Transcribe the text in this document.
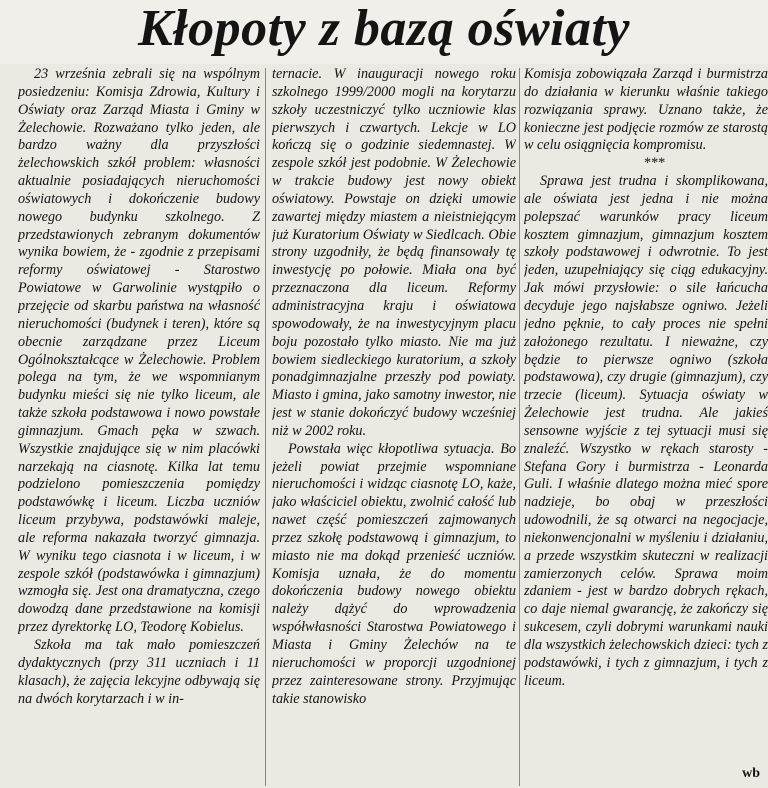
Kłopoty z bazą oświaty

23 września zebrali się na wspólnym posiedzeniu: Komisja Zdrowia, Kultury i Oświaty oraz Zarząd Miasta i Gminy w Żelechowie. Rozważano tylko jeden, ale bardzo ważny dla przyszłości żelechowskich szkół problem: własności aktualnie posiadających nieruchomości oświatowych i dokończenie budowy nowego budynku szkolnego. Z przedstawionych zebranym dokumentów wynika bowiem, że - zgodnie z przepisami reformy oświatowej - Starostwo Powiatowe w Garwolinie wystąpiło o przejęcie od skarbu państwa na własność nieruchomości (budynek i teren), które są obecnie zarządzane przez Liceum Ogólnokształcące w Żelechowie. Problem polega na tym, że we wspomnianym budynku mieści się nie tylko liceum, ale także szkoła podstawowa i nowo powstałe gimnazjum. Gmach pęka w szwach. Wszystkie znajdujące się w nim placówki narzekają na ciasnotę. Kilka lat temu podzielono pomieszczenia pomiędzy podstawówkę i liceum. Liczba uczniów liceum przybywa, podstawówki maleje, ale reforma nakazała tworzyć gimnazja. W wyniku tego ciasnota i w liceum, i w zespole szkół (podstawówka i gimnazjum) wzmogła się. Jest ona dramatyczna, czego dowodzą dane przedstawione na komisji przez dyrektorkę LO, Teodorę Kobielus.

Szkoła ma tak mało pomieszczeń dydaktycznych (przy 311 uczniach i 11 klasach), że zajęcia lekcyjne odbywają się na dwóch korytarzach i w in-

ternacie. W inauguracji nowego roku szkolnego 1999/2000 mogli na korytarzu szkoły uczestniczyć tylko uczniowie klas pierwszych i czwartych. Lekcje w LO kończą się o godzinie siedemnastej. W zespole szkół jest podobnie. W Żelechowie w trakcie budowy jest nowy obiekt oświatowy. Powstaje on dzięki umowie zawartej między miastem a nieistniejącym już Kuratorium Oświaty w Siedlcach. Obie strony uzgodniły, że będą finansowały tę inwestycję po połowie. Miała ona być przeznaczona dla liceum. Reformy administracyjna kraju i oświatowa spowodowały, że na inwestycyjnym placu boju pozostało tylko miasto. Nie ma już bowiem siedleckiego kuratorium, a szkoły ponadgimnazjalne przeszły pod powiaty. Miasto i gmina, jako samotny inwestor, nie jest w stanie dokończyć budowy wcześniej niż w 2002 roku.

Powstała więc kłopotliwa sytuacja. Bo jeżeli powiat przejmie wspomniane nieruchomości i widząc ciasnotę LO, każe, jako właściciel obiektu, zwolnić całość lub nawet część pomieszczeń zajmowanych przez szkołę podstawową i gimnazjum, to miasto nie ma dokąd przenieść uczniów. Komisja uznała, że do momentu dokończenia budowy nowego obiektu należy dążyć do wprowadzenia współwłasności Starostwa Powiatowego i Miasta i Gminy Żelechów na te nieruchomości w proporcji uzgodnionej przez zainteresowane strony. Przyjmując takie stanowisko

Komisja zobowiązała Zarząd i burmistrza do działania w kierunku właśnie takiego rozwiązania sprawy. Uznano także, że konieczne jest podjęcie rozmów ze starostą w celu osiągnięcia kompromisu.

***

Sprawa jest trudna i skomplikowana, ale oświata jest jedna i nie można polepszać warunków pracy liceum kosztem gimnazjum, gimnazjum kosztem szkoły podstawowej i odwrotnie. To jest jeden, uzupełniający się ciąg edukacyjny. Jak mówi przysłowie: o sile łańcucha decyduje jego najsłabsze ogniwo. Jeżeli jedno pęknie, to cały proces nie spełni założonego rezultatu. I nieważne, czy będzie to pierwsze ogniwo (szkoła podstawowa), czy drugie (gimnazjum), czy trzecie (liceum). Sytuacja oświaty w Żelechowie jest trudna. Ale jakieś sensowne wyjście z tej sytuacji musi się znaleźć. Wszystko w rękach starosty - Stefana Gory i burmistrza - Leonarda Guli. I właśnie dlatego można mieć spore nadzieje, bo obaj w przeszłości udowodnili, że są otwarci na negocjacje, niekonwencjonalni w myśleniu i działaniu, a przede wszystkim skuteczni w realizacji zamierzonych celów. Sprawa moim zdaniem - jest w bardzo dobrych rękach, co daje niemal gwarancję, że zakończy się sukcesem, czyli dobrymi warunkami nauki dla wszystkich żelechowskich dzieci: tych z podstawówki, i tych z gimnazjum, i tych z liceum.

wb
